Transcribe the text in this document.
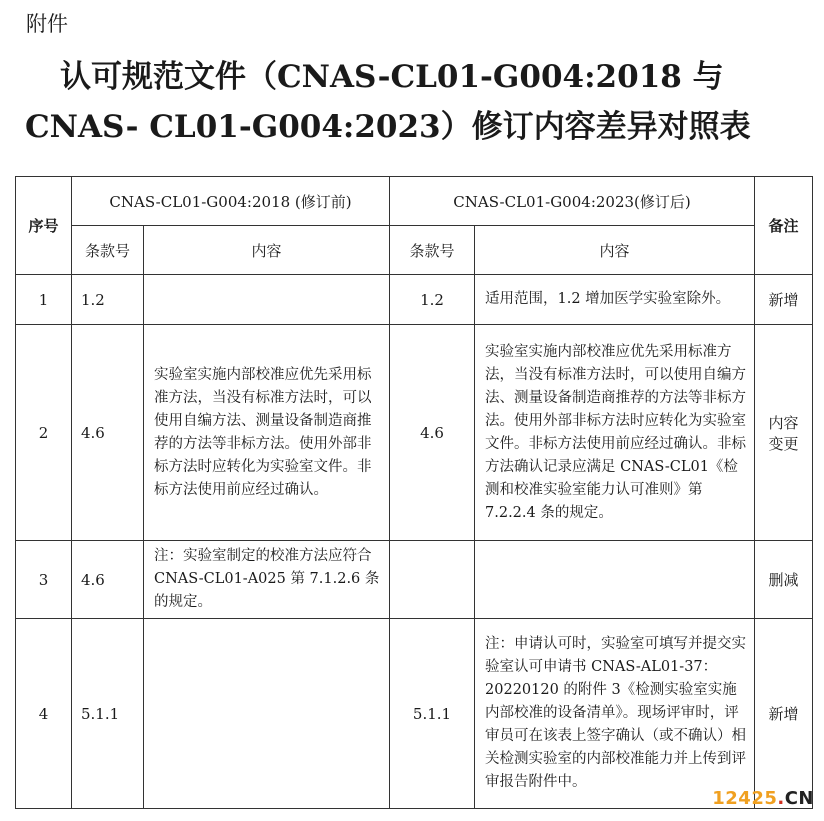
附件
认可规范文件（CNAS-CL01-G004:2018 与
CNAS- CL01-G004:2023）修订内容差异对照表
序号	CNAS-CL01-G004:2018 (修订前)		CNAS-CL01-G004:2023(修订后)		备注
	条款号	内容	条款号	内容	
1	1.2		1.2	适用范围，1.2 增加医学实验室除外。	新增
2	4.6	实验室实施内部校准应优先采用标准方法，当没有标准方法时，可以使用自编方法、测量设备制造商推荐的方法等非标方法。使用外部非标方法时应转化为实验室文件。非标方法使用前应经过确认。	4.6	实验室实施内部校准应优先采用标准方法，当没有标准方法时，可以使用自编方法、测量设备制造商推荐的方法等非标方法。使用外部非标方法时应转化为实验室文件。非标方法使用前应经过确认。非标方法确认记录应满足 CNAS-CL01《检测和校准实验室能力认可准则》第 7.2.2.4 条的规定。	内容变更
3	4.6	注：实验室制定的校准方法应符合 CNAS-CL01-A025 第 7.1.2.6 条的规定。			删减
4	5.1.1		5.1.1	注：申请认可时，实验室可填写并提交实验室认可申请书 CNAS-AL01-37：20220120 的附件 3《检测实验室实施内部校准的设备清单》。现场评审时，评审员可在该表上签字确认（或不确认）相关检测实验室的内部校准能力并上传到评审报告附件中。	新增
12425.CN
